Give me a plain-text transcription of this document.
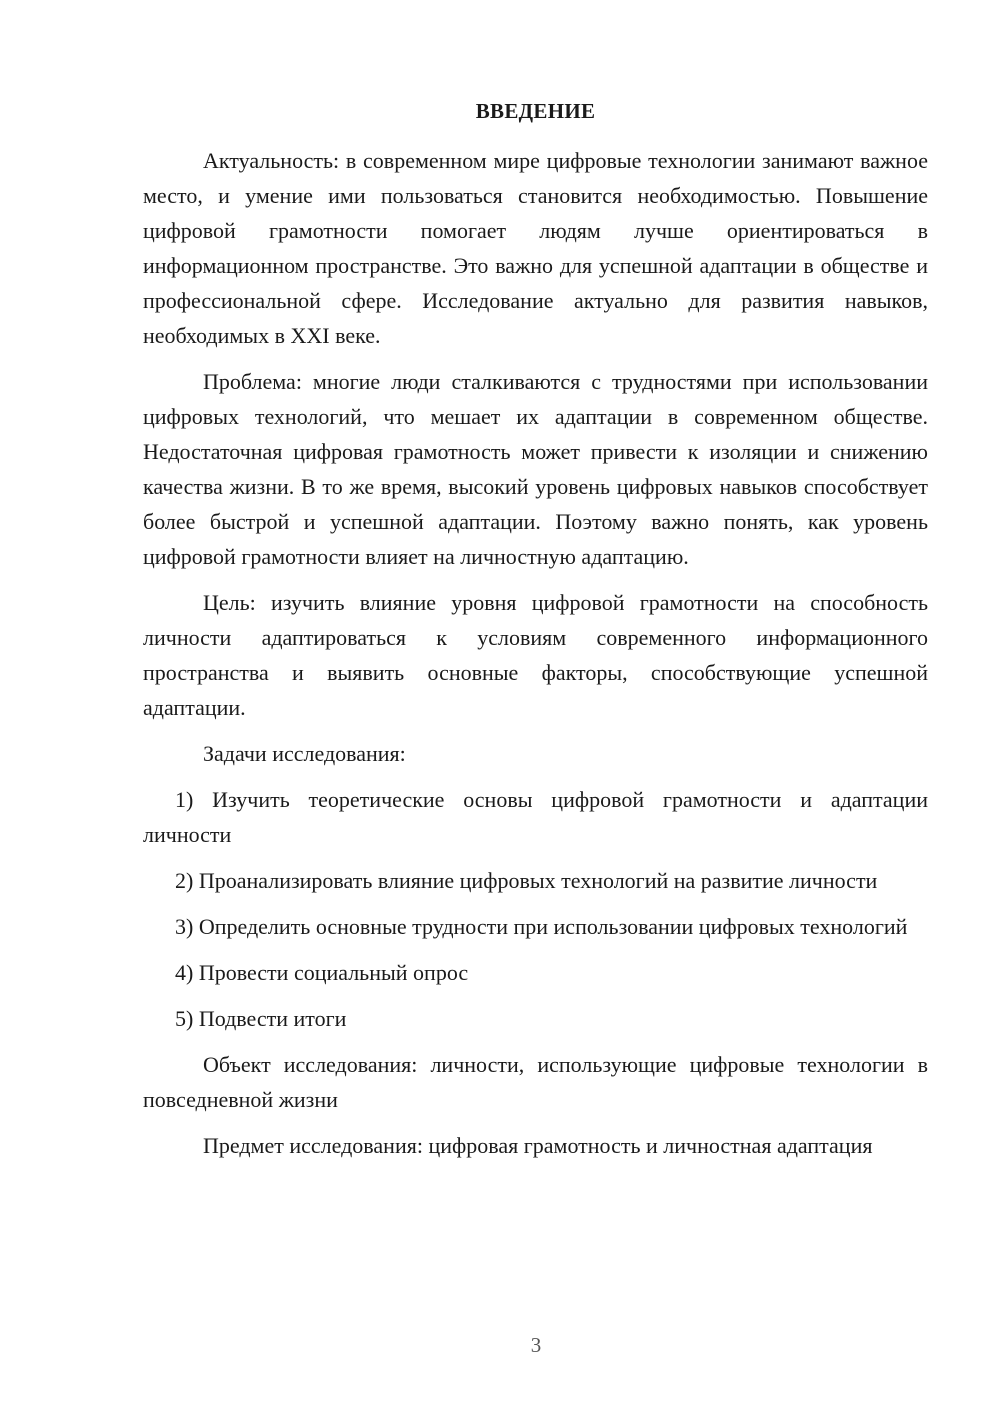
ВВЕДЕНИЕ

Актуальность: в современном мире цифровые технологии занимают важное место, и умение ими пользоваться становится необходимостью. Повышение цифровой грамотности помогает людям лучше ориентироваться в информационном пространстве. Это важно для успешной адаптации в обществе и профессиональной сфере. Исследование актуально для развития навыков, необходимых в XXI веке.

Проблема: многие люди сталкиваются с трудностями при использовании цифровых технологий, что мешает их адаптации в современном обществе. Недостаточная цифровая грамотность может привести к изоляции и снижению качества жизни. В то же время, высокий уровень цифровых навыков способствует более быстрой и успешной адаптации. Поэтому важно понять, как уровень цифровой грамотности влияет на личностную адаптацию.

Цель: изучить влияние уровня цифровой грамотности на способность личности адаптироваться к условиям современного информационного пространства и выявить основные факторы, способствующие успешной адаптации.

Задачи исследования:

1) Изучить теоретические основы цифровой грамотности и адаптации личности

2) Проанализировать влияние цифровых технологий на развитие личности

3) Определить основные трудности при использовании цифровых технологий

4) Провести социальный опрос

5) Подвести итоги

Объект исследования: личности, использующие цифровые технологии в повседневной жизни

Предмет исследования: цифровая грамотность и личностная адаптация

3
